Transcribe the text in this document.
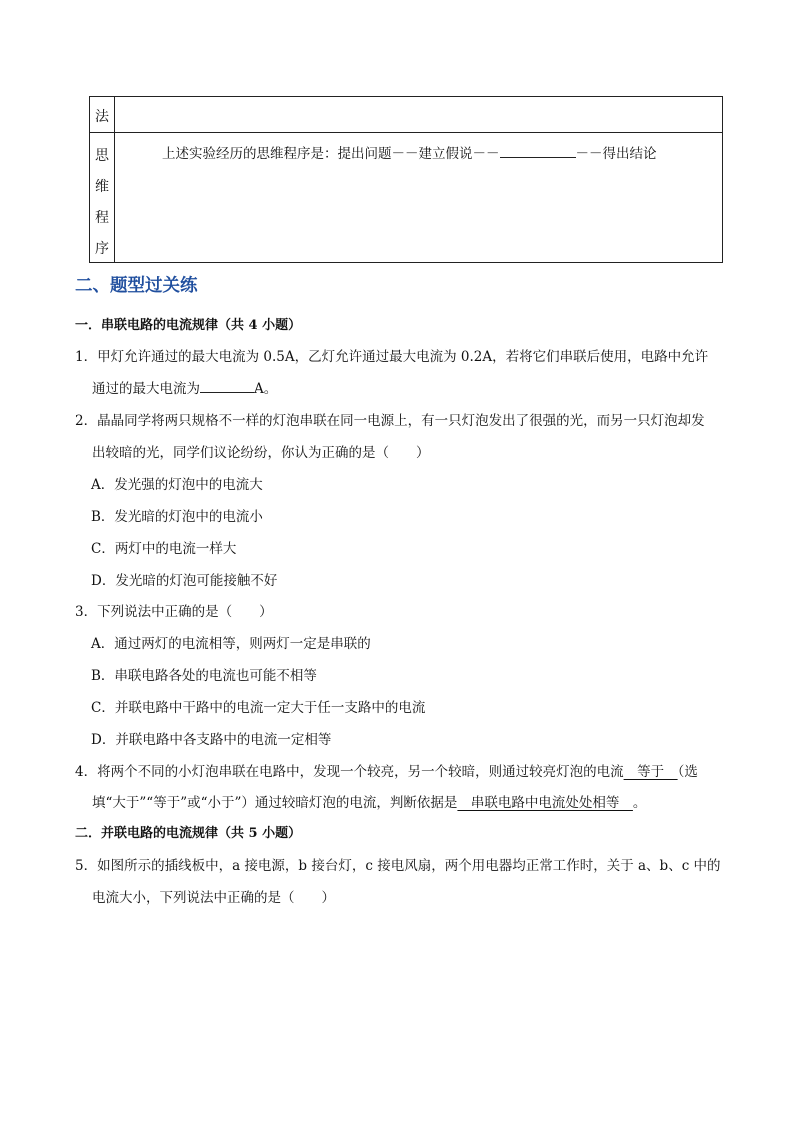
法
思
维
程
序
上述实验经历的思维程序是：提出问题－－建立假说－－	－－得出结论
二、题型过关练
一．串联电路的电流规律（共 4 小题）
1．甲灯允许通过的最大电流为 0.5A，乙灯允许通过最大电流为 0.2A，若将它们串联后使用，电路中允许
通过的最大电流为	A。
2．晶晶同学将两只规格不一样的灯泡串联在同一电源上，有一只灯泡发出了很强的光，而另一只灯泡却发
出较暗的光，同学们议论纷纷，你认为正确的是（　　）
A．发光强的灯泡中的电流大
B．发光暗的灯泡中的电流小
C．两灯中的电流一样大
D．发光暗的灯泡可能接触不好
3．下列说法中正确的是（　　）
A．通过两灯的电流相等，则两灯一定是串联的
B．串联电路各处的电流也可能不相等
C．并联电路中干路中的电流一定大于任一支路中的电流
D．并联电路中各支路中的电流一定相等
4．将两个不同的小灯泡串联在电路中，发现一个较亮，另一个较暗，则通过较亮灯泡的电流　等于　（选
填“大于”“等于”或“小于”）通过较暗灯泡的电流，判断依据是　串联电路中电流处处相等　。
二．并联电路的电流规律（共 5 小题）
5．如图所示的插线板中，a 接电源，b 接台灯，c 接电风扇，两个用电器均正常工作时，关于 a、b、c 中的
电流大小，下列说法中正确的是（　　）
